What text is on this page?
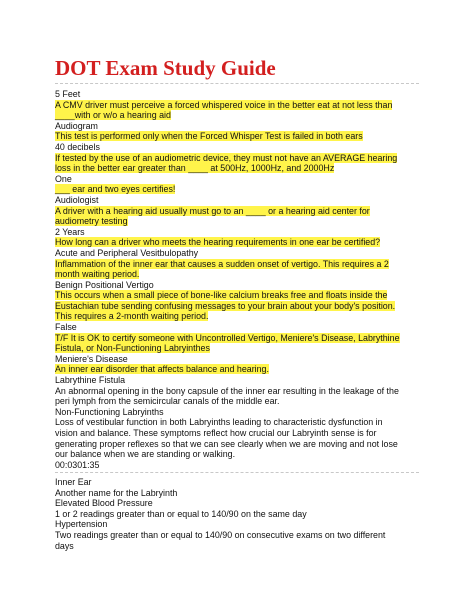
DOT Exam Study Guide
5 Feet
A CMV driver must perceive a forced whispered voice in the better eat at not less than
____with or w/o a hearing aid
Audiogram
This test is performed only when the Forced Whisper Test is failed in both ears
40 decibels
If tested by the use of an audiometric device, they must not have an AVERAGE hearing
loss in the better ear greater than ____ at 500Hz, 1000Hz, and 2000Hz
One
___ ear and two eyes certifies!
Audiologist
A driver with a hearing aid usually must go to an ____ or a hearing aid center for
audiometry testing
2 Years
How long can a driver who meets the hearing requirements in one ear be certified?
Acute and Peripheral Vesitbulopathy
Inflammation of the inner ear that causes a sudden onset of vertigo. This requires a 2
month waiting period.
Benign Positional Vertigo
This occurs when a small piece of bone-like calcium breaks free and floats inside the
Eustachian tube sending confusing messages to your brain about your body's position.
This requires a 2-month waiting period.
False
T/F It is OK to certify someone with Uncontrolled Vertigo, Meniere's Disease, Labrythine
Fistula, or Non-Functioning Labryinthes
Meniere's Disease
An inner ear disorder that affects balance and hearing.
Labrythine Fistula
An abnormal opening in the bony capsule of the inner ear resulting in the leakage of the
peri lymph from the semicircular canals of the middle ear.
Non-Functioning Labryinths
Loss of vestibular function in both Labryinths leading to characteristic dysfunction in
vision and balance. These symptoms reflect how crucial our Labryinth sense is for
generating proper reflexes so that we can see clearly when we are moving and not lose
our balance when we are standing or walking.
00:0301:35
Inner Ear
Another name for the Labryinth
Elevated Blood Pressure
1 or 2 readings greater than or equal to 140/90 on the same day
Hypertension
Two readings greater than or equal to 140/90 on consecutive exams on two different
days
